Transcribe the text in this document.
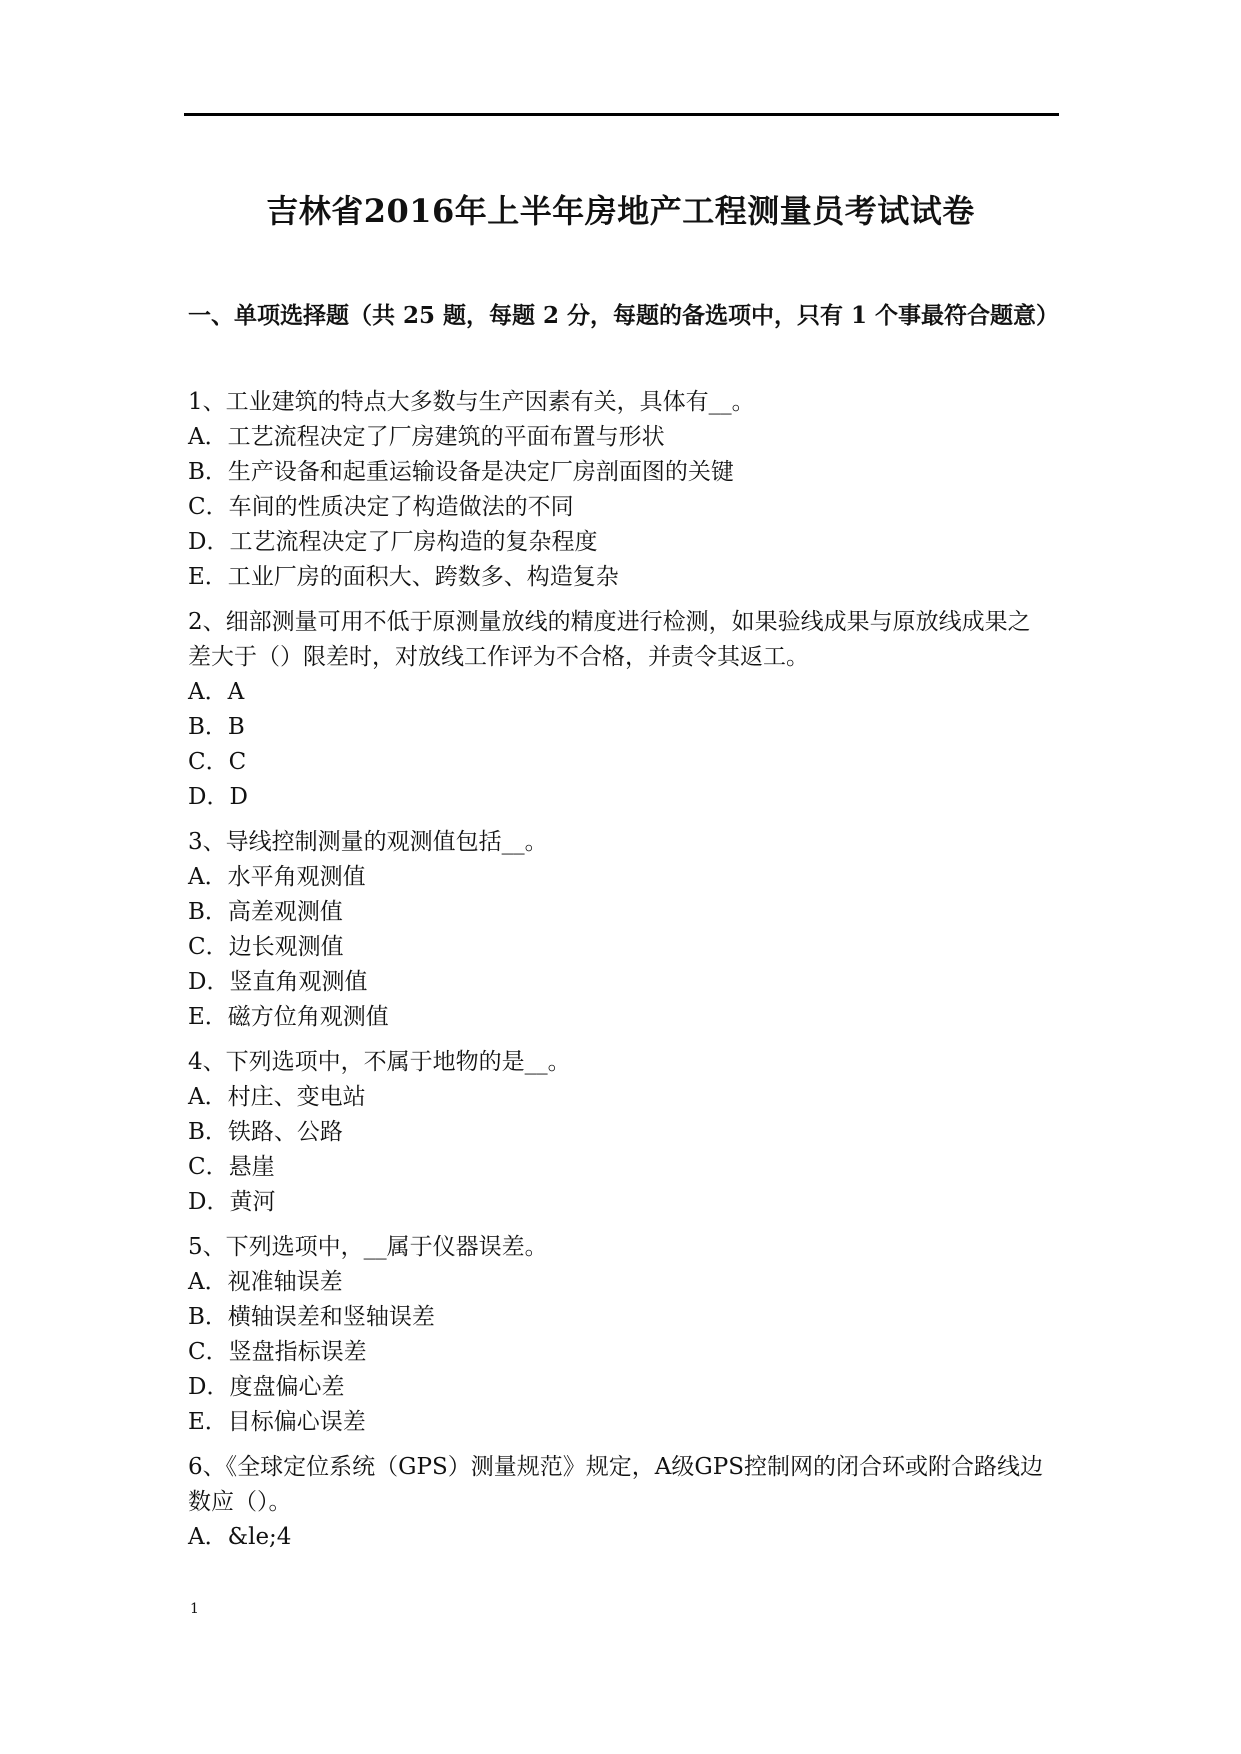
吉林省2016年上半年房地产工程测量员考试试卷
一、单项选择题（共 25 题，每题 2 分，每题的备选项中，只有 1 个事最符合题意）
1、工业建筑的特点大多数与生产因素有关，具体有__。
A．工艺流程决定了厂房建筑的平面布置与形状
B．生产设备和起重运输设备是决定厂房剖面图的关键
C．车间的性质决定了构造做法的不同
D．工艺流程决定了厂房构造的复杂程度
E．工业厂房的面积大、跨数多、构造复杂
2、细部测量可用不低于原测量放线的精度进行检测，如果验线成果与原放线成果之差大于（）限差时，对放线工作评为不合格，并责令其返工。
A．A
B．B
C．C
D．D
3、导线控制测量的观测值包括__。
A．水平角观测值
B．高差观测值
C．边长观测值
D．竖直角观测值
E．磁方位角观测值
4、下列选项中，不属于地物的是__。
A．村庄、变电站
B．铁路、公路
C．悬崖
D．黄河
5、下列选项中，__属于仪器误差。
A．视准轴误差
B．横轴误差和竖轴误差
C．竖盘指标误差
D．度盘偏心差
E．目标偏心误差
6、《全球定位系统（GPS）测量规范》规定，A级GPS控制网的闭合环或附合路线边数应（）。
A．&le;4
1
